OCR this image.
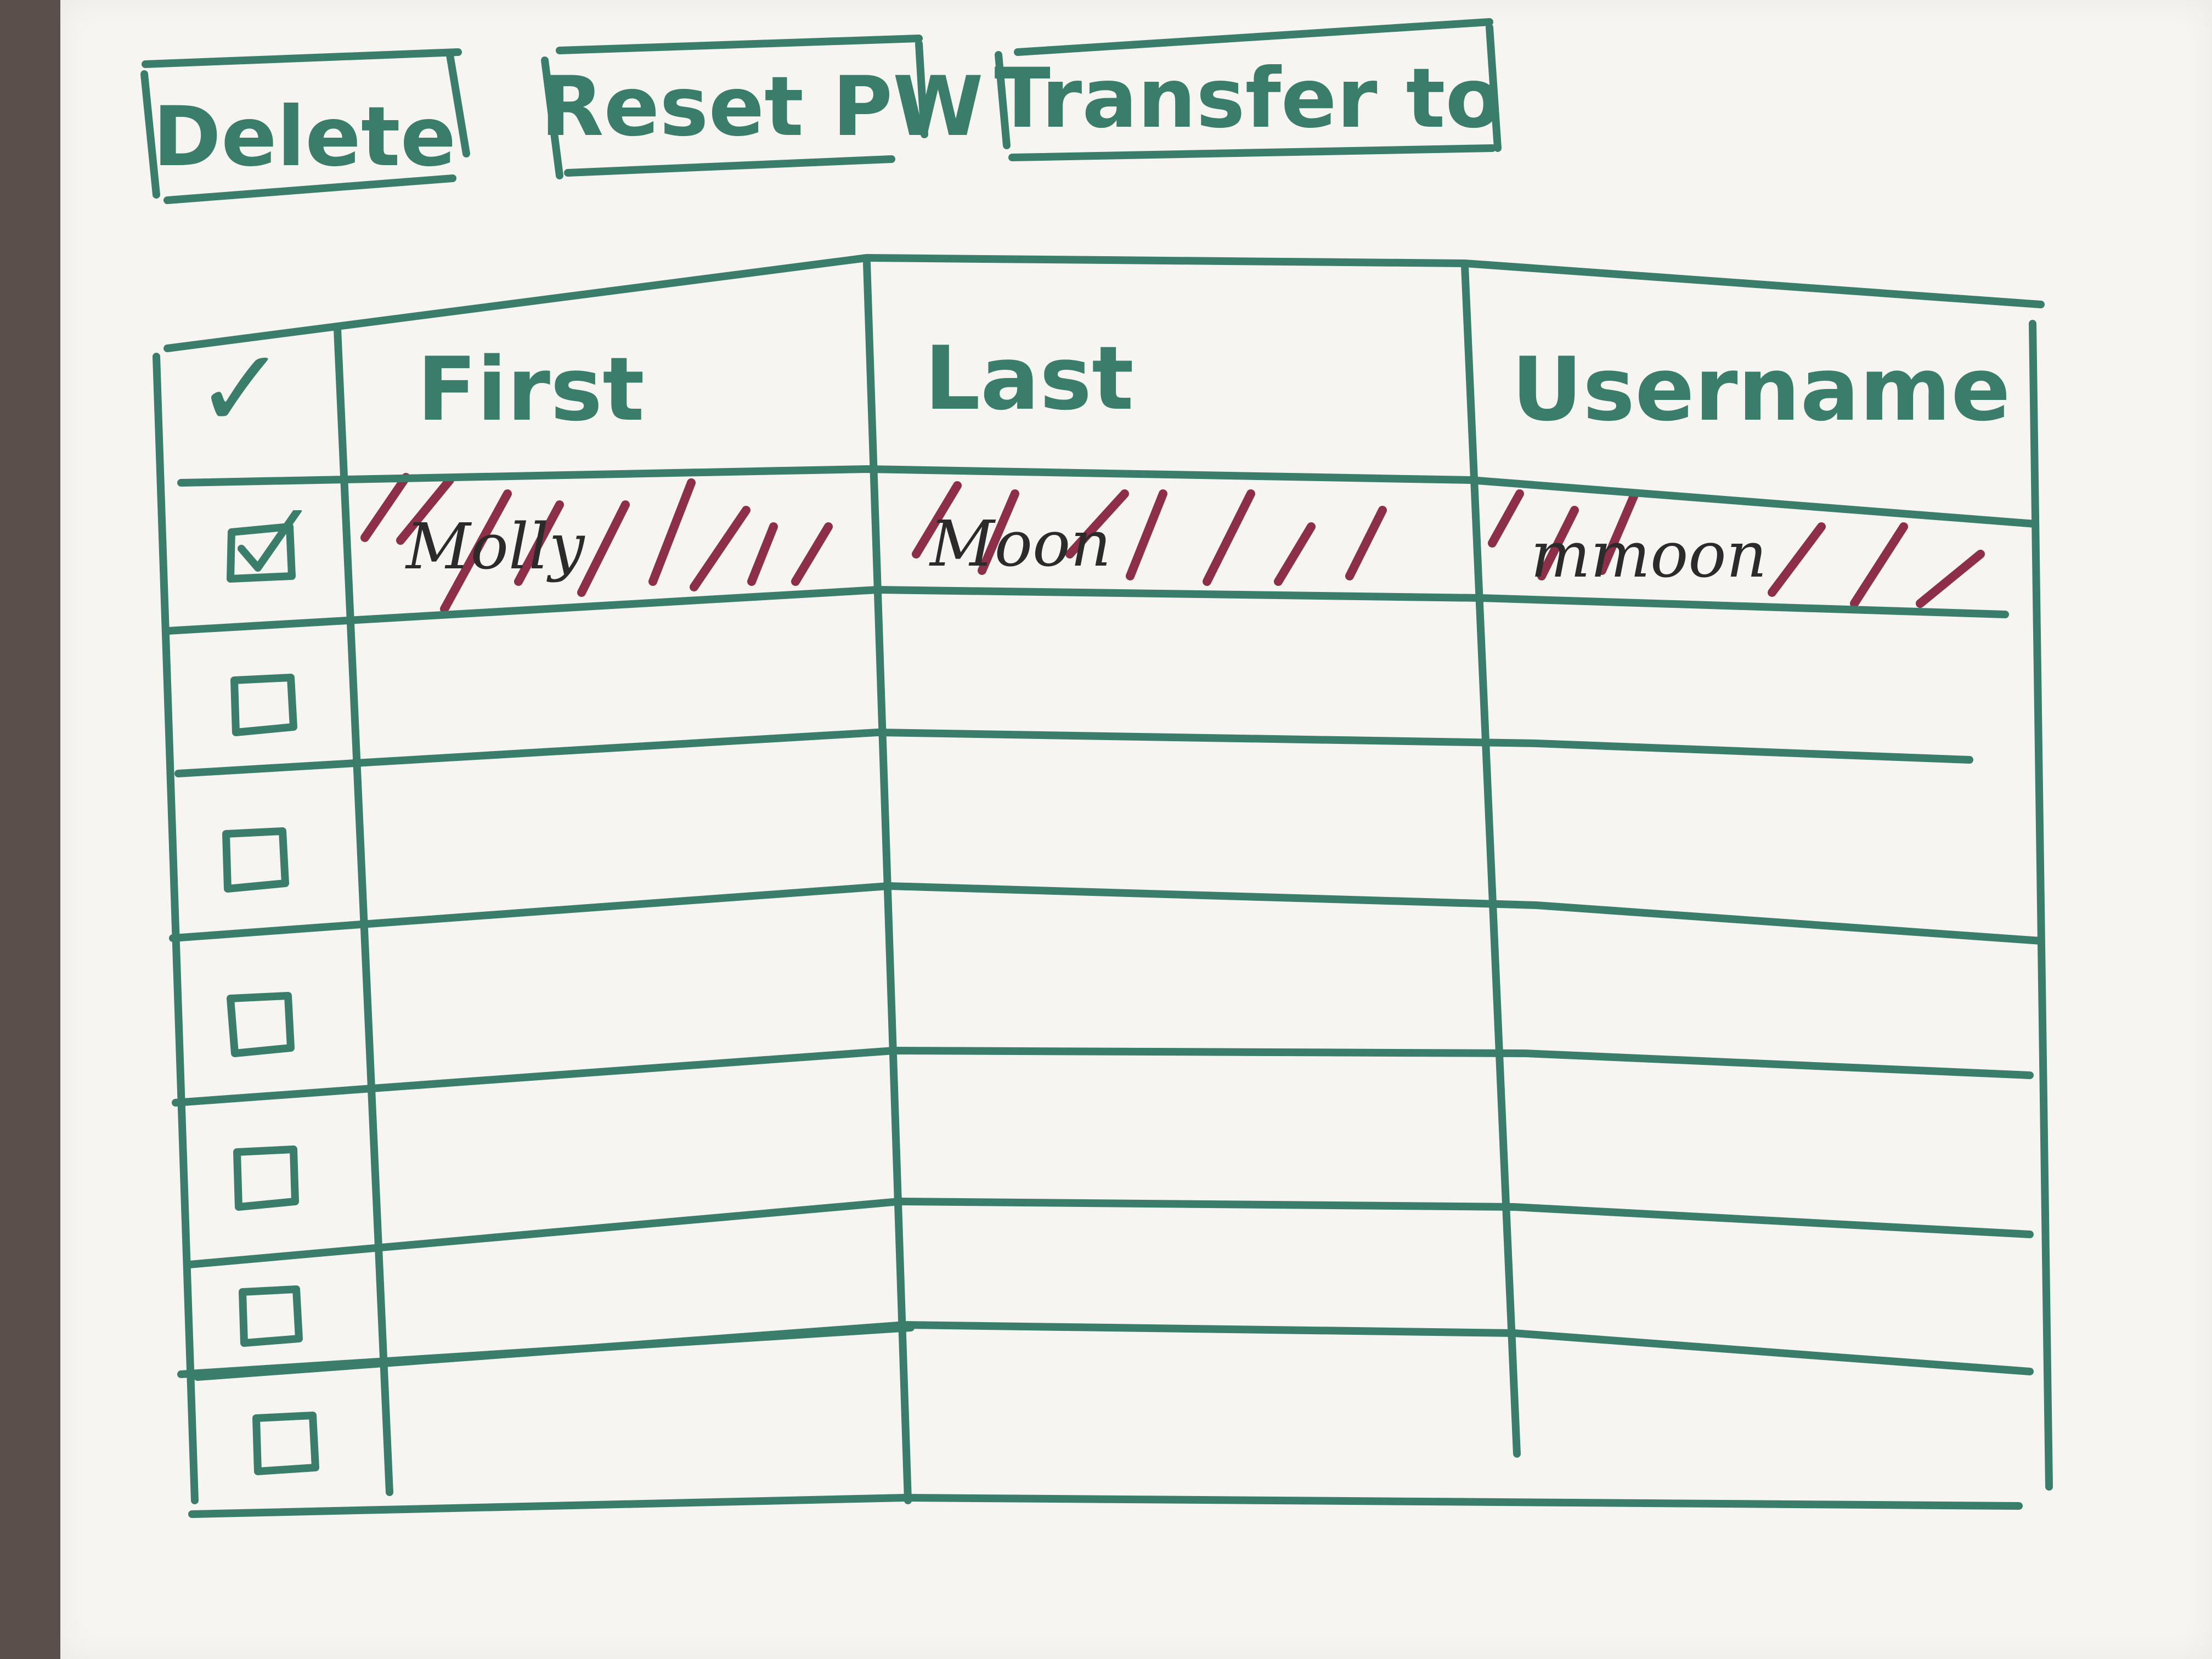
Delete Reset PW Transfer to
✓ First	Last	Username
Molly	Moon	mmoon
